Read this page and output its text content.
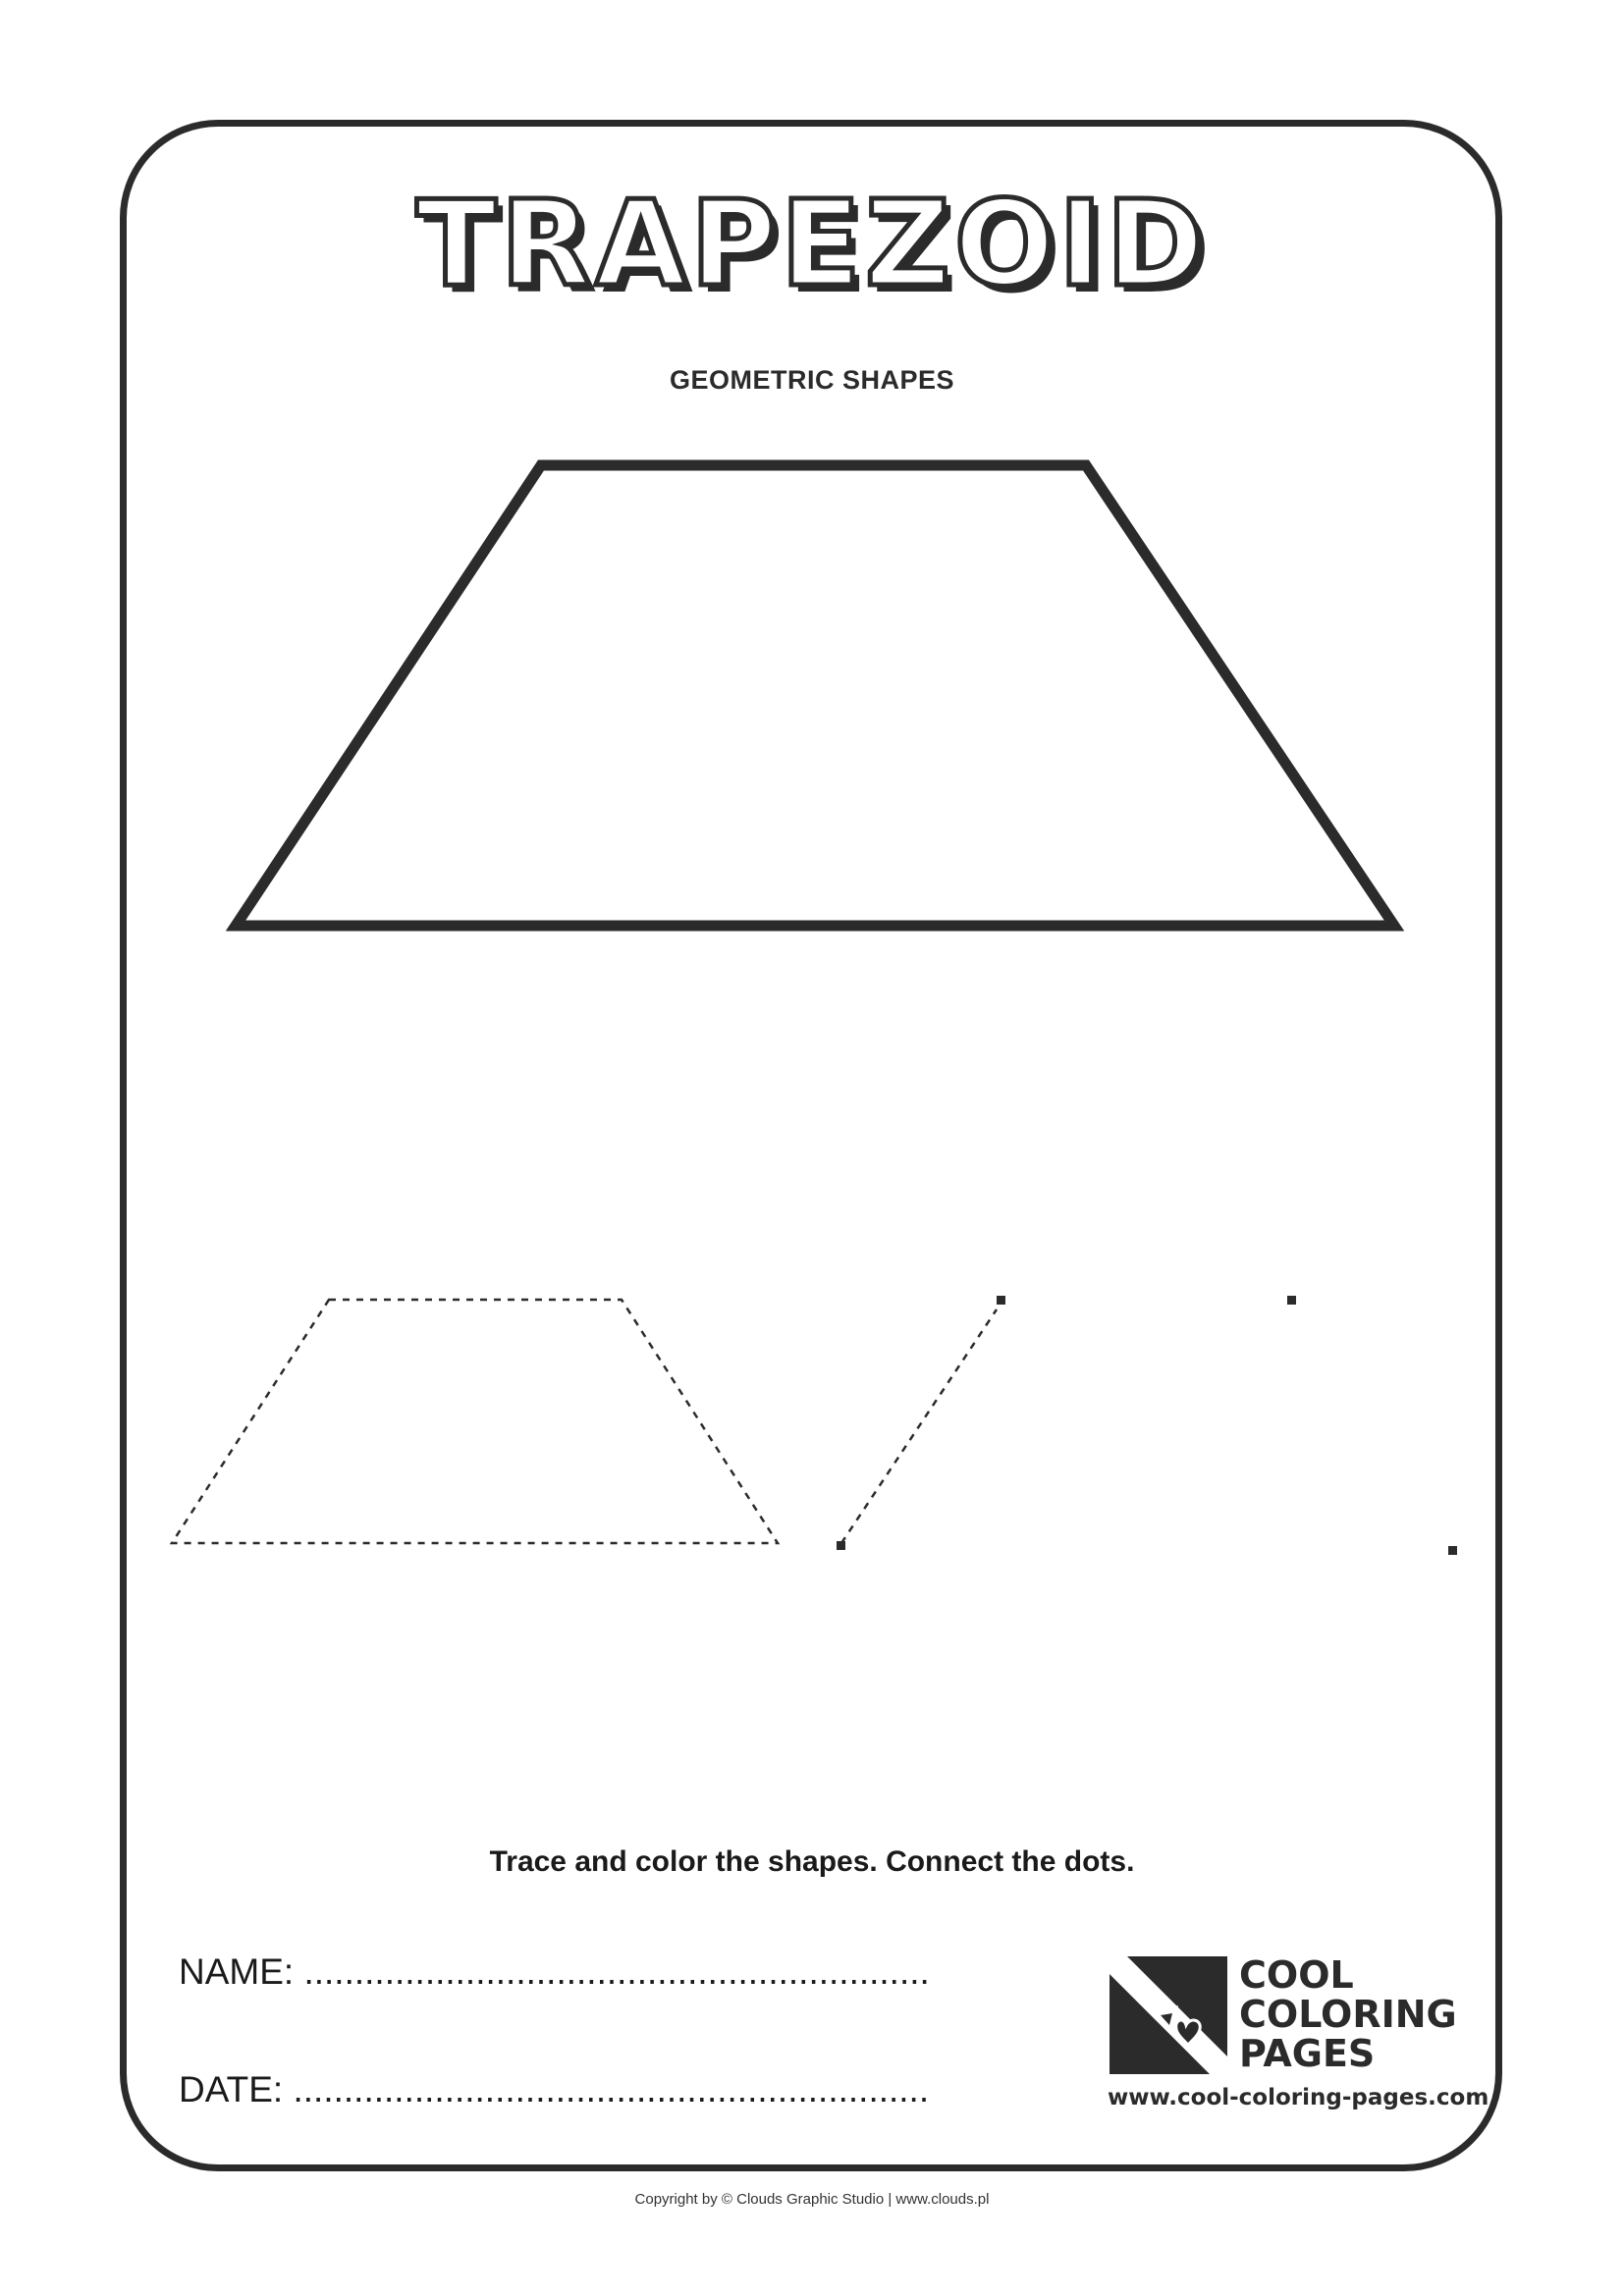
TRAPEZOID
GEOMETRIC SHAPES
Trace and color the shapes. Connect the dots.
NAME: ..............................................................
DATE: ...............................................................
COOL
COLORING
PAGES
www.cool-coloring-pages.com
Copyright by © Clouds Graphic Studio | www.clouds.pl
